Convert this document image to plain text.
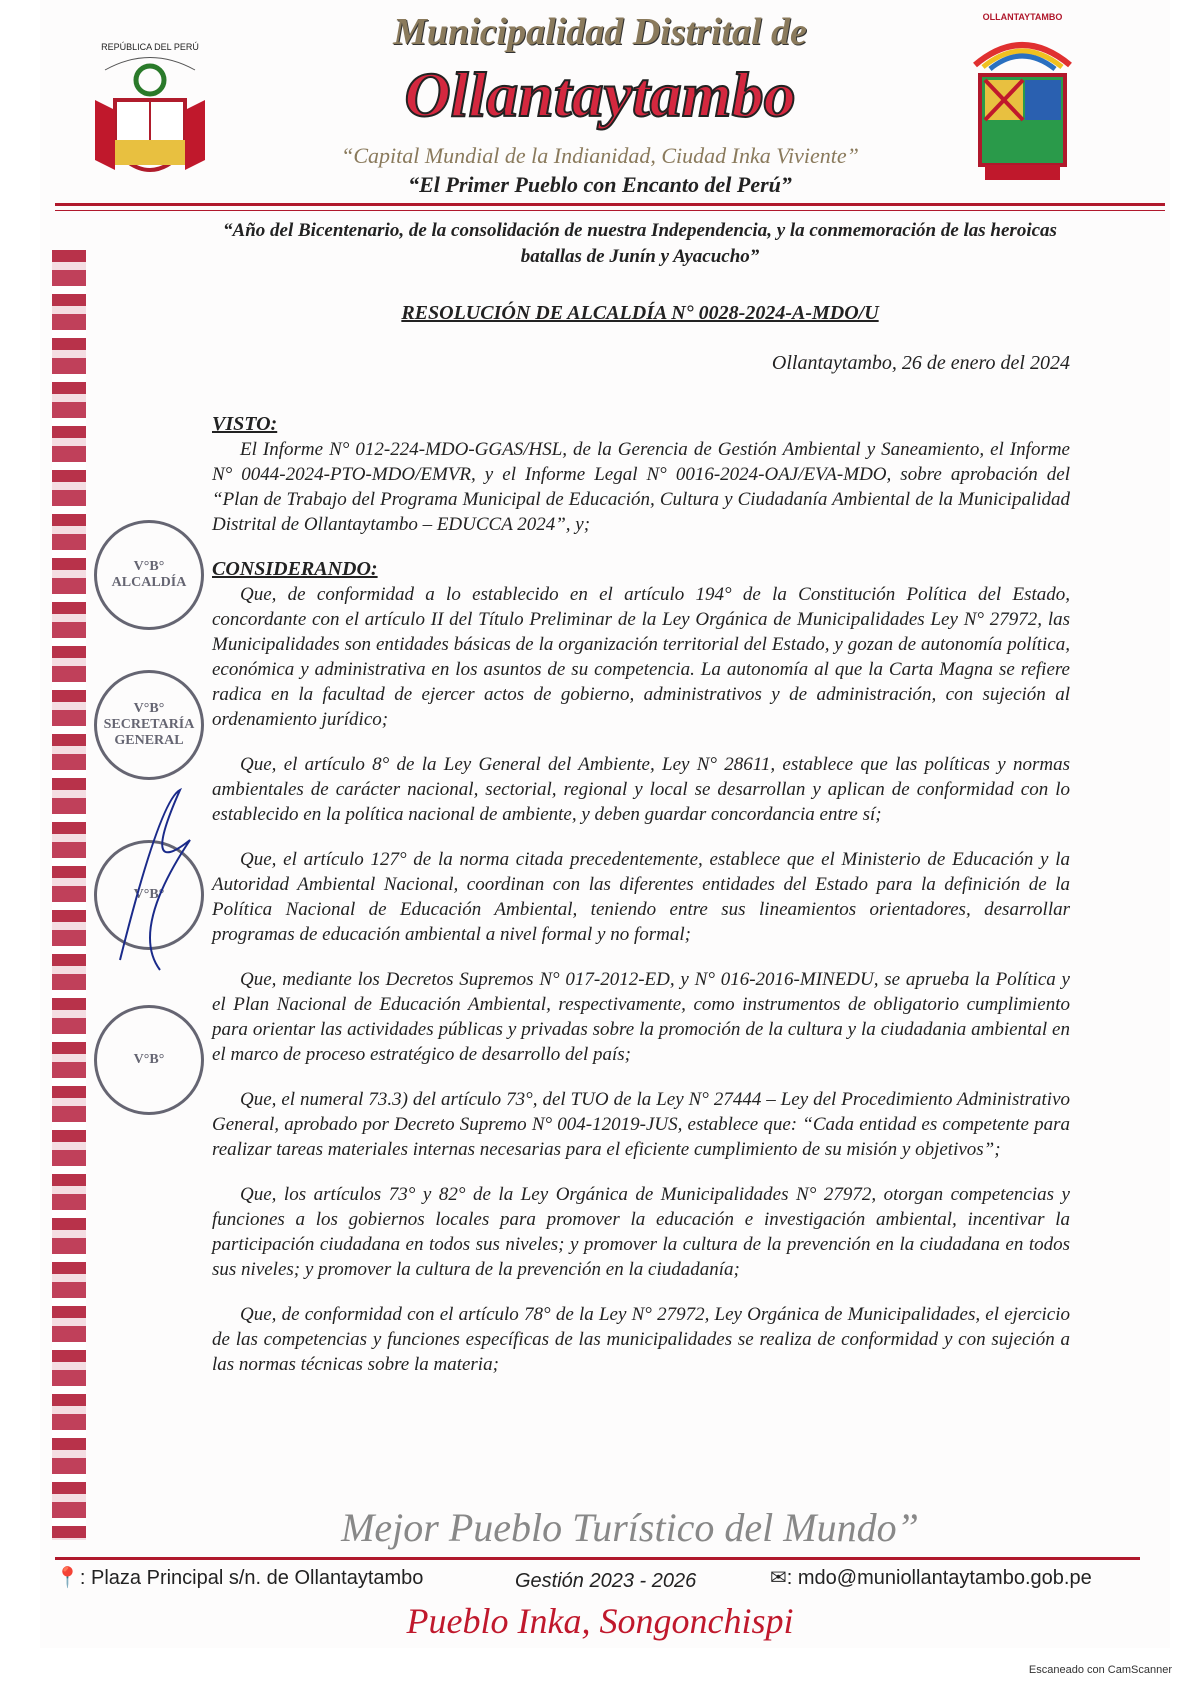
REPÚBLICA DEL PERÚ	Municipalidad Distrital de
Ollantaytambo
“Capital Mundial de la Indianidad, Ciudad Inka Viviente”
“El Primer Pueblo con Encanto del Perú”
OLLANTAYTAMBO
“Año del Bicentenario, de la consolidación de nuestra Independencia, y la conmemoración de las heroicas batallas de Junín y Ayacucho”
RESOLUCIÓN DE ALCALDÍA N° 0028-2024-A-MDO/U
Ollantaytambo, 26 de enero del 2024
VISTO:
El Informe N° 012-224-MDO-GGAS/HSL, de la Gerencia de Gestión Ambiental y Saneamiento, el Informe N° 0044-2024-PTO-MDO/EMVR, y el Informe Legal N° 0016-2024-OAJ/EVA-MDO, sobre aprobación del “Plan de Trabajo del Programa Municipal de Educación, Cultura y Ciudadanía Ambiental de la Municipalidad Distrital de Ollantaytambo – EDUCCA 2024”, y;
CONSIDERANDO:
Que, de conformidad a lo establecido en el artículo 194° de la Constitución Política del Estado, concordante con el artículo II del Título Preliminar de la Ley Orgánica de Municipalidades Ley N° 27972, las Municipalidades son entidades básicas de la organización territorial del Estado, y gozan de autonomía política, económica y administrativa en los asuntos de su competencia. La autonomía al que la Carta Magna se refiere radica en la facultad de ejercer actos de gobierno, administrativos y de administración, con sujeción al ordenamiento jurídico;
Que, el artículo 8° de la Ley General del Ambiente, Ley N° 28611, establece que las políticas y normas ambientales de carácter nacional, sectorial, regional y local se desarrollan y aplican de conformidad con lo establecido en la política nacional de ambiente, y deben guardar concordancia entre sí;
Que, el artículo 127° de la norma citada precedentemente, establece que el Ministerio de Educación y la Autoridad Ambiental Nacional, coordinan con las diferentes entidades del Estado para la definición de la Política Nacional de Educación Ambiental, teniendo entre sus lineamientos orientadores, desarrollar programas de educación ambiental a nivel formal y no formal;
Que, mediante los Decretos Supremos N° 017-2012-ED, y N° 016-2016-MINEDU, se aprueba la Política y el Plan Nacional de Educación Ambiental, respectivamente, como instrumentos de obligatorio cumplimiento para orientar las actividades públicas y privadas sobre la promoción de la cultura y la ciudadania ambiental en el marco de proceso estratégico de desarrollo del país;
Que, el numeral 73.3) del artículo 73°, del TUO de la Ley N° 27444 – Ley del Procedimiento Administrativo General, aprobado por Decreto Supremo N° 004-12019-JUS, establece que: “Cada entidad es competente para realizar tareas materiales internas necesarias para el eficiente cumplimiento de su misión y objetivos”;
Que, los artículos 73° y 82° de la Ley Orgánica de Municipalidades N° 27972, otorgan competencias y funciones a los gobiernos locales para promover la educación e investigación ambiental, incentivar la participación ciudadana en todos sus niveles; y promover la cultura de la prevención en la ciudadana en todos sus niveles; y promover la cultura de la prevención en la ciudadanía;
Que, de conformidad con el artículo 78° de la Ley N° 27972, Ley Orgánica de Municipalidades, el ejercicio de las competencias y funciones específicas de las municipalidades se realiza de conformidad y con sujeción a las normas técnicas sobre la materia;
V°B° ALCALDÍA
V°B° SECRETARÍA GENERAL
V°B°
V°B°
Mejor Pueblo Turístico del Mundo”
📍: Plaza Principal s/n. de Ollantaytambo	Gestión 2023 - 2026	✉: mdo@muniollantaytambo.gob.pe
Pueblo Inka, Songonchispi
Escaneado con CamScanner
